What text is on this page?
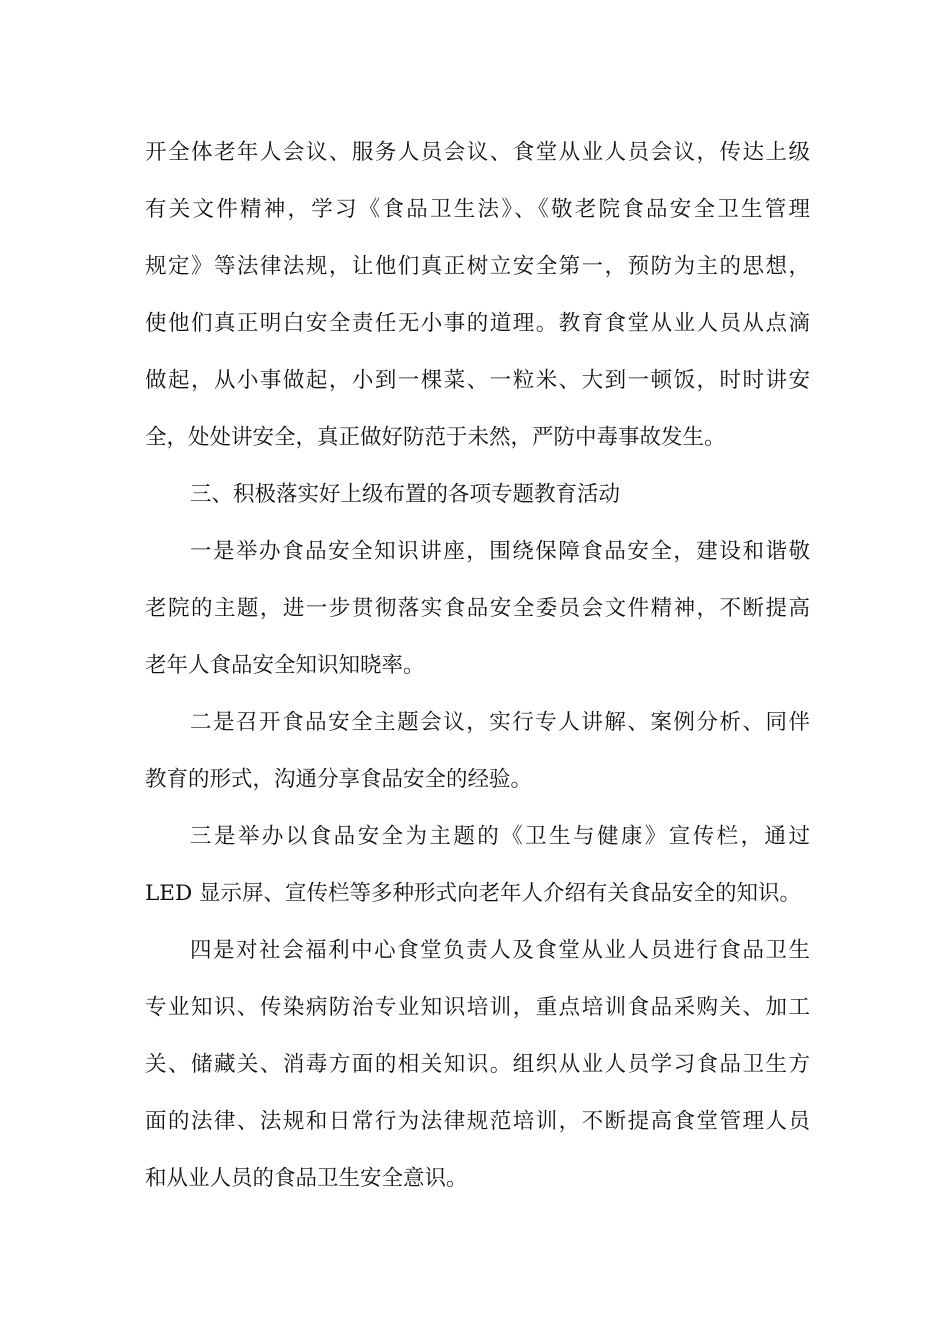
开全体老年人会议、服务人员会议、食堂从业人员会议，传达上级
有关文件精神，学习《食品卫生法》、《敬老院食品安全卫生管理
规定》等法律法规，让他们真正树立安全第一，预防为主的思想，
使他们真正明白安全责任无小事的道理。教育食堂从业人员从点滴
做起，从小事做起，小到一棵菜、一粒米、大到一顿饭，时时讲安
全，处处讲安全，真正做好防范于未然，严防中毒事故发生。
三、积极落实好上级布置的各项专题教育活动
一是举办食品安全知识讲座，围绕保障食品安全，建设和谐敬
老院的主题，进一步贯彻落实食品安全委员会文件精神，不断提高
老年人食品安全知识知晓率。
二是召开食品安全主题会议，实行专人讲解、案例分析、同伴
教育的形式，沟通分享食品安全的经验。
三是举办以食品安全为主题的《卫生与健康》宣传栏，通过
LED 显示屏、宣传栏等多种形式向老年人介绍有关食品安全的知识。
四是对社会福利中心食堂负责人及食堂从业人员进行食品卫生
专业知识、传染病防治专业知识培训，重点培训食品采购关、加工
关、储藏关、消毒方面的相关知识。组织从业人员学习食品卫生方
面的法律、法规和日常行为法律规范培训，不断提高食堂管理人员
和从业人员的食品卫生安全意识。
